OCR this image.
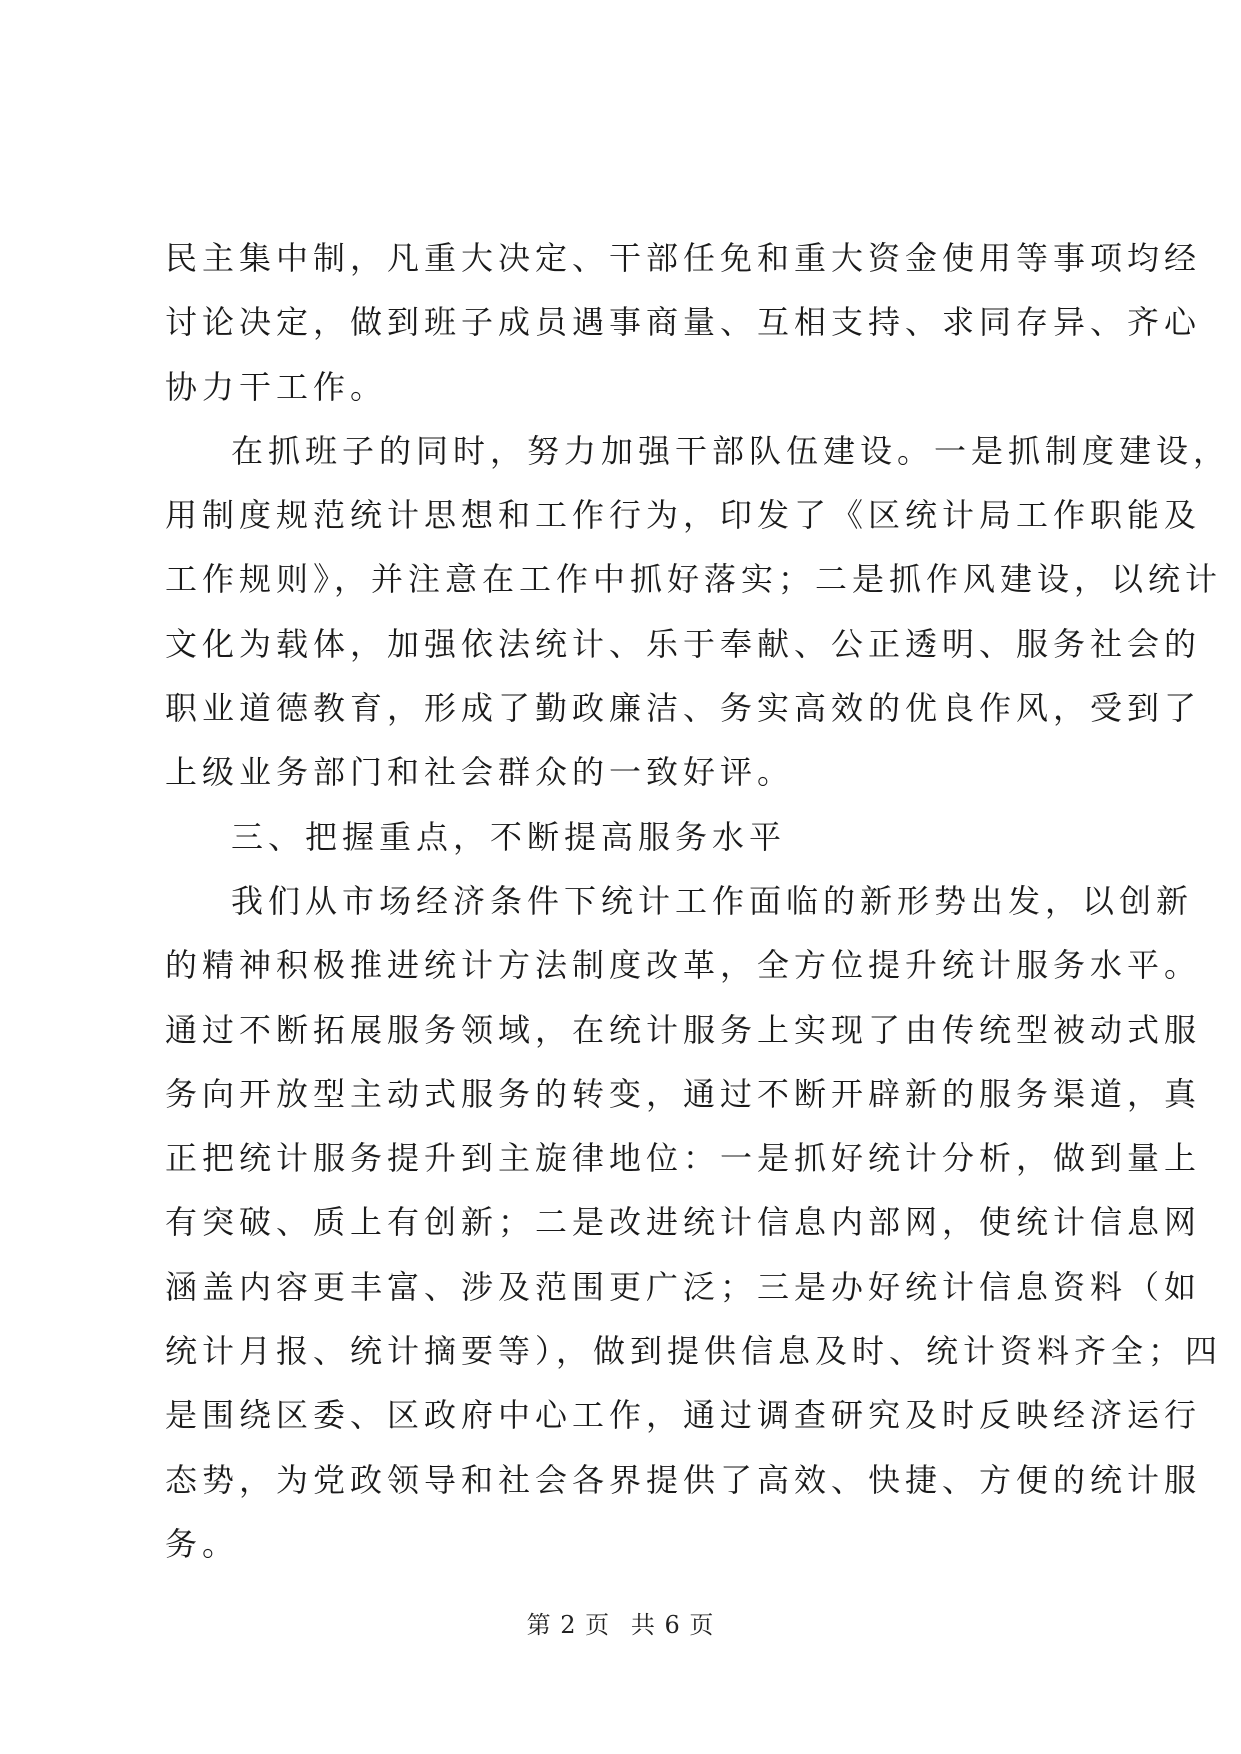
民主集中制，凡重大决定、干部任免和重大资金使用等事项均经
讨论决定，做到班子成员遇事商量、互相支持、求同存异、齐心
协力干工作。
在抓班子的同时，努力加强干部队伍建设。一是抓制度建设，
用制度规范统计思想和工作行为，印发了《区统计局工作职能及
工作规则》，并注意在工作中抓好落实；二是抓作风建设，以统计
文化为载体，加强依法统计、乐于奉献、公正透明、服务社会的
职业道德教育，形成了勤政廉洁、务实高效的优良作风，受到了
上级业务部门和社会群众的一致好评。
三、把握重点，不断提高服务水平
我们从市场经济条件下统计工作面临的新形势出发，以创新
的精神积极推进统计方法制度改革，全方位提升统计服务水平。
通过不断拓展服务领域，在统计服务上实现了由传统型被动式服
务向开放型主动式服务的转变，通过不断开辟新的服务渠道，真
正把统计服务提升到主旋律地位：一是抓好统计分析，做到量上
有突破、质上有创新；二是改进统计信息内部网，使统计信息网
涵盖内容更丰富、涉及范围更广泛；三是办好统计信息资料（如
统计月报、统计摘要等），做到提供信息及时、统计资料齐全；四
是围绕区委、区政府中心工作，通过调查研究及时反映经济运行
态势，为党政领导和社会各界提供了高效、快捷、方便的统计服
务。
第 2 页 共 6 页
